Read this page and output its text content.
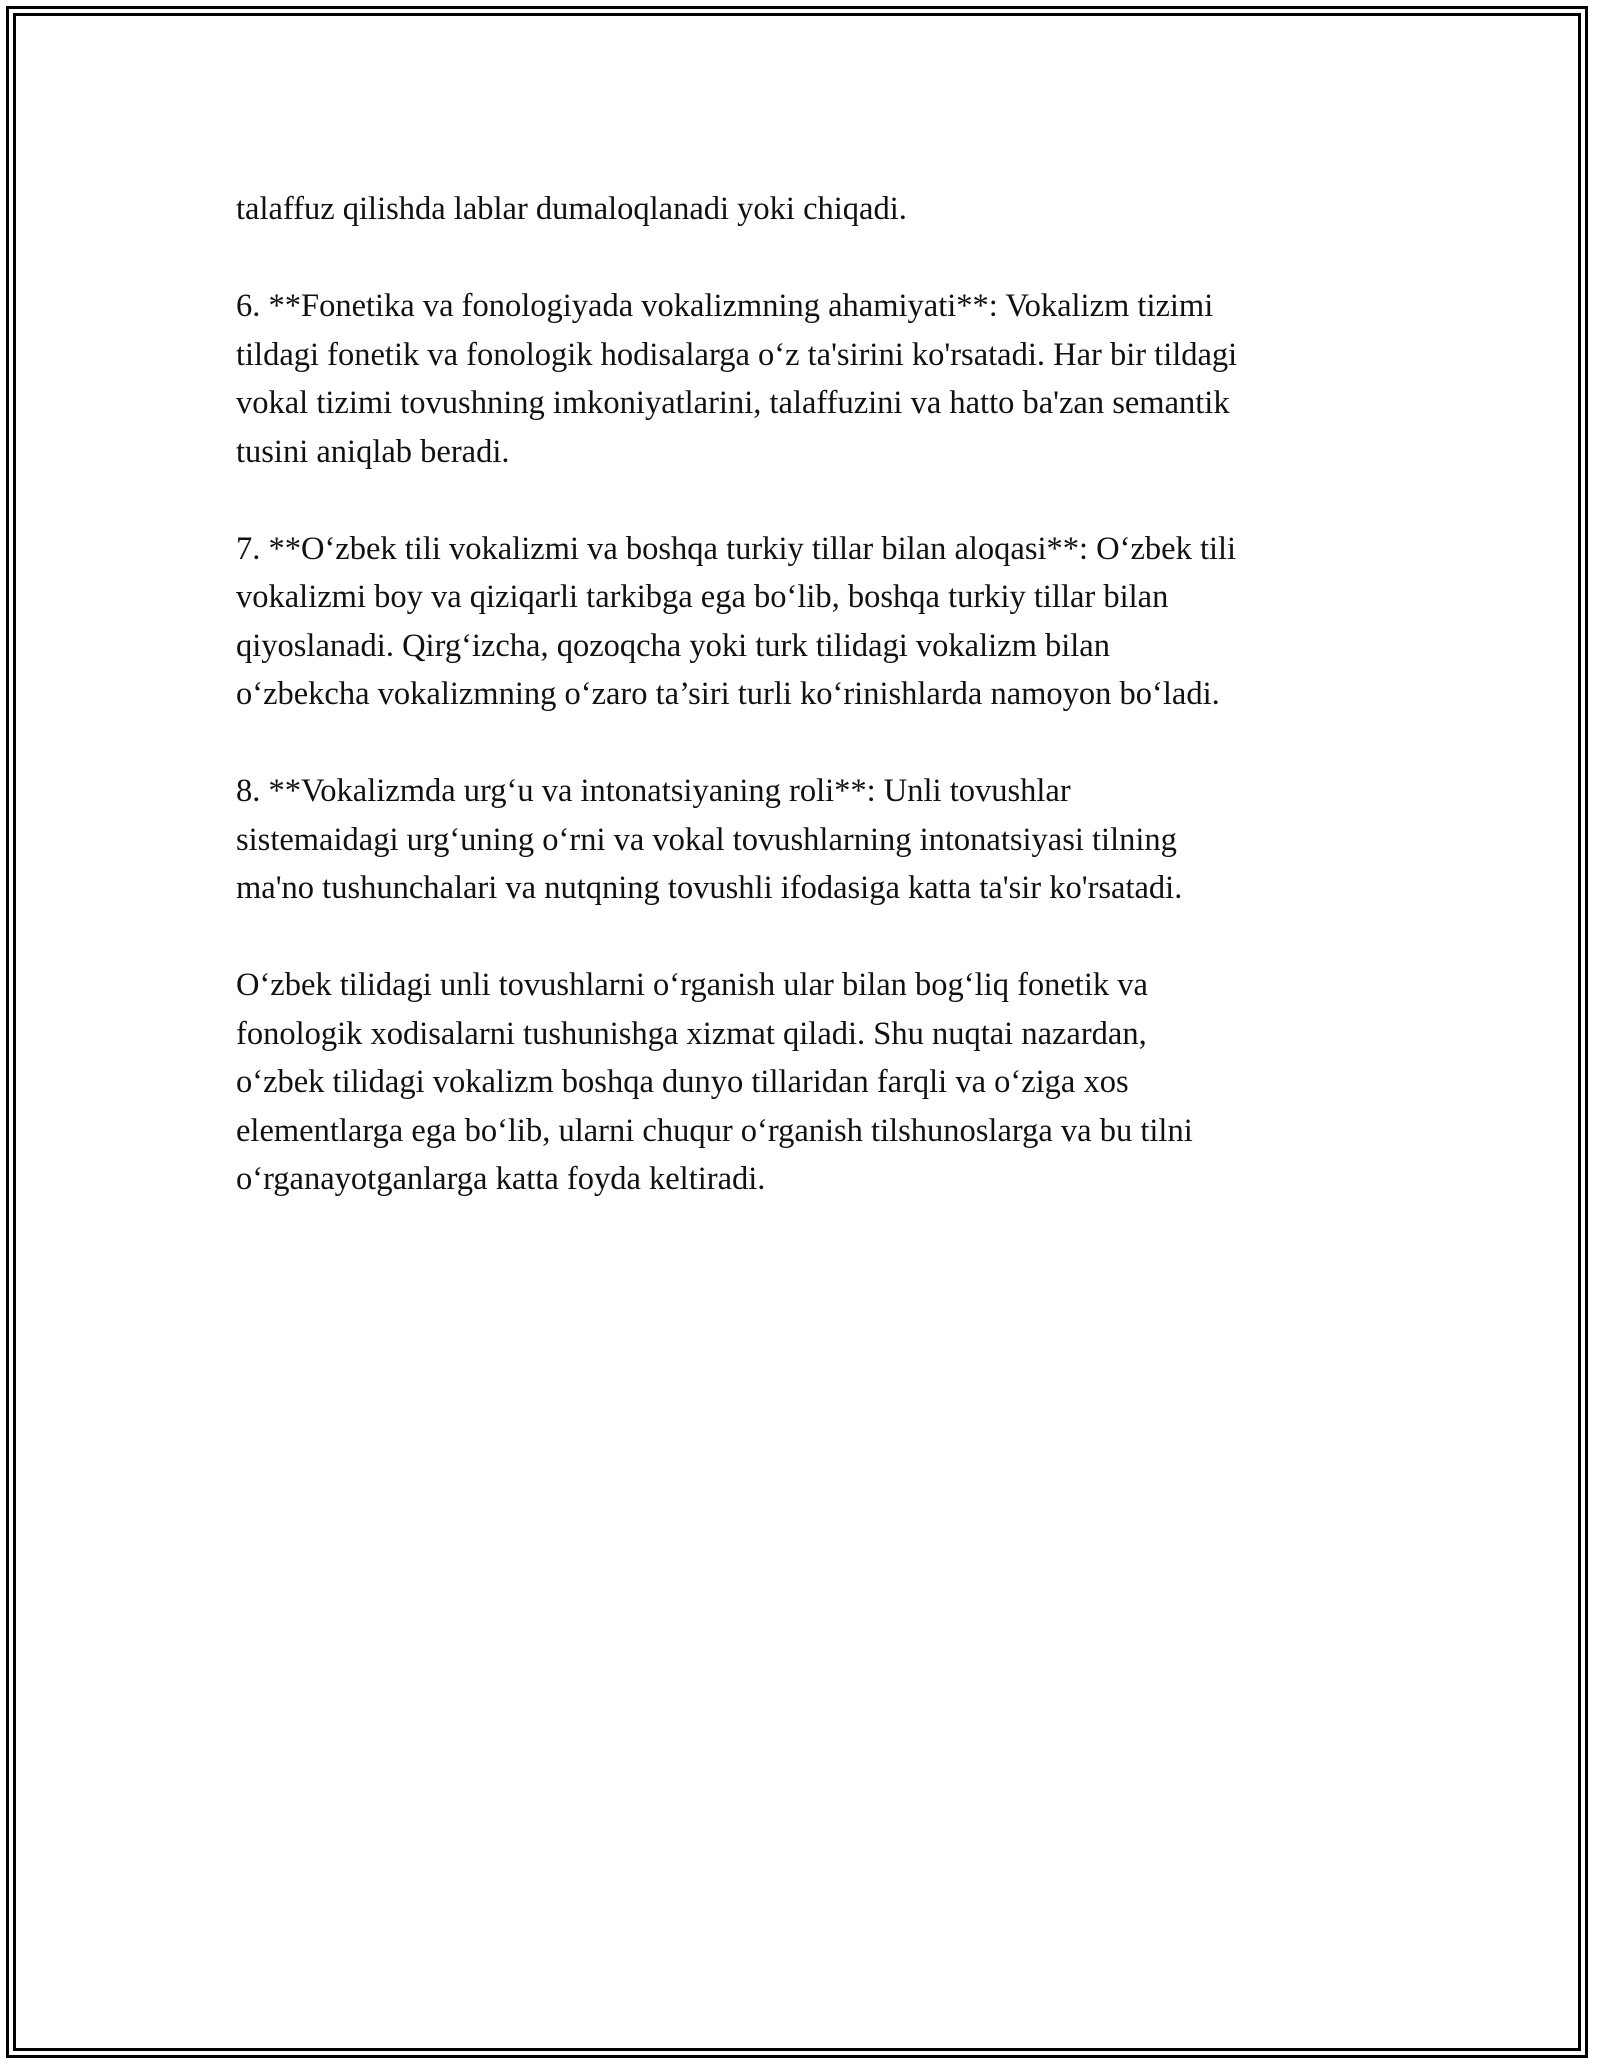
talaffuz qilishda lablar dumaloqlanadi yoki chiqadi.

6. **Fonetika va fonologiyada vokalizmning ahamiyati**: Vokalizm tizimi
tildagi fonetik va fonologik hodisalarga o‘z ta'sirini ko'rsatadi. Har bir tildagi
vokal tizimi tovushning imkoniyatlarini, talaffuzini va hatto ba'zan semantik
tusini aniqlab beradi.

7. **O‘zbek tili vokalizmi va boshqa turkiy tillar bilan aloqasi**: O‘zbek tili
vokalizmi boy va qiziqarli tarkibga ega bo‘lib, boshqa turkiy tillar bilan
qiyoslanadi. Qirg‘izcha, qozoqcha yoki turk tilidagi vokalizm bilan
o‘zbekcha vokalizmning o‘zaro ta’siri turli ko‘rinishlarda namoyon bo‘ladi.

8. **Vokalizmda urg‘u va intonatsiyaning roli**: Unli tovushlar
sistemaidagi urg‘uning o‘rni va vokal tovushlarning intonatsiyasi tilning
ma'no tushunchalari va nutqning tovushli ifodasiga katta ta'sir ko'rsatadi.

O‘zbek tilidagi unli tovushlarni o‘rganish ular bilan bog‘liq fonetik va
fonologik xodisalarni tushunishga xizmat qiladi. Shu nuqtai nazardan,
o‘zbek tilidagi vokalizm boshqa dunyo tillaridan farqli va o‘ziga xos
elementlarga ega bo‘lib, ularni chuqur o‘rganish tilshunoslarga va bu tilni
o‘rganayotganlarga katta foyda keltiradi.
